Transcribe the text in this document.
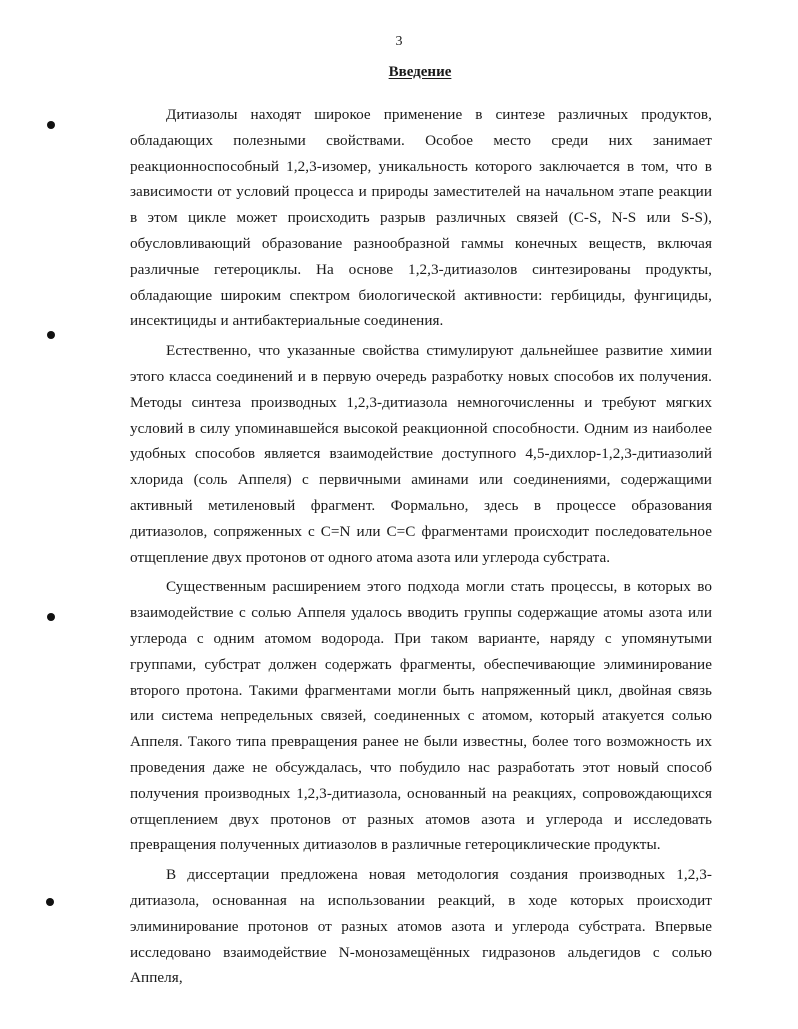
3
Введение

Дитиазолы находят широкое применение в синтезе различных продуктов, обладающих полезными свойствами. Особое место среди них занимает реакционноспособный 1,2,3-изомер, уникальность которого заключается в том, что в зависимости от условий процесса и природы заместителей на начальном этапе реакции в этом цикле может происходить разрыв различных связей (C-S, N-S или S-S), обусловливающий образование разнообразной гаммы конечных веществ, включая различные гетероциклы. На основе 1,2,3-дитиазолов синтезированы продукты, обладающие широким спектром биологической активности: гербициды, фунгициды, инсектициды и антибактериальные соединения.

Естественно, что указанные свойства стимулируют дальнейшее развитие химии этого класса соединений и в первую очередь разработку новых способов их получения. Методы синтеза производных 1,2,3-дитиазола немногочисленны и требуют мягких условий в силу упоминавшейся высокой реакционной способности. Одним из наиболее удобных способов является взаимодействие доступного 4,5-дихлор-1,2,3-дитиазолий хлорида (соль Аппеля) с первичными аминами или соединениями, содержащими активный метиленовый фрагмент. Формально, здесь в процессе образования дитиазолов, сопряженных с C=N или C=C фрагментами происходит последовательное отщепление двух протонов от одного атома азота или углерода субстрата.

Существенным расширением этого подхода могли стать процессы, в которых во взаимодействие с солью Аппеля удалось вводить группы содержащие атомы азота или углерода с одним атомом водорода. При таком варианте, наряду с упомянутыми группами, субстрат должен содержать фрагменты, обеспечивающие элиминирование второго протона. Такими фрагментами могли быть напряженный цикл, двойная связь или система непредельных связей, соединенных с атомом, который атакуется солью Аппеля. Такого типа превращения ранее не были известны, более того возможность их проведения даже не обсуждалась, что побудило нас разработать этот новый способ получения производных 1,2,3-дитиазола, основанный на реакциях, сопровождающихся отщеплением двух протонов от разных атомов азота и углерода и исследовать превращения полученных дитиазолов в различные гетероциклические продукты.

В диссертации предложена новая методология создания производных 1,2,3-дитиазола, основанная на использовании реакций, в ходе которых происходит элиминирование протонов от разных атомов азота и углерода субстрата. Впервые исследовано взаимодействие N-монозамещённых гидразонов альдегидов с солью Аппеля,
